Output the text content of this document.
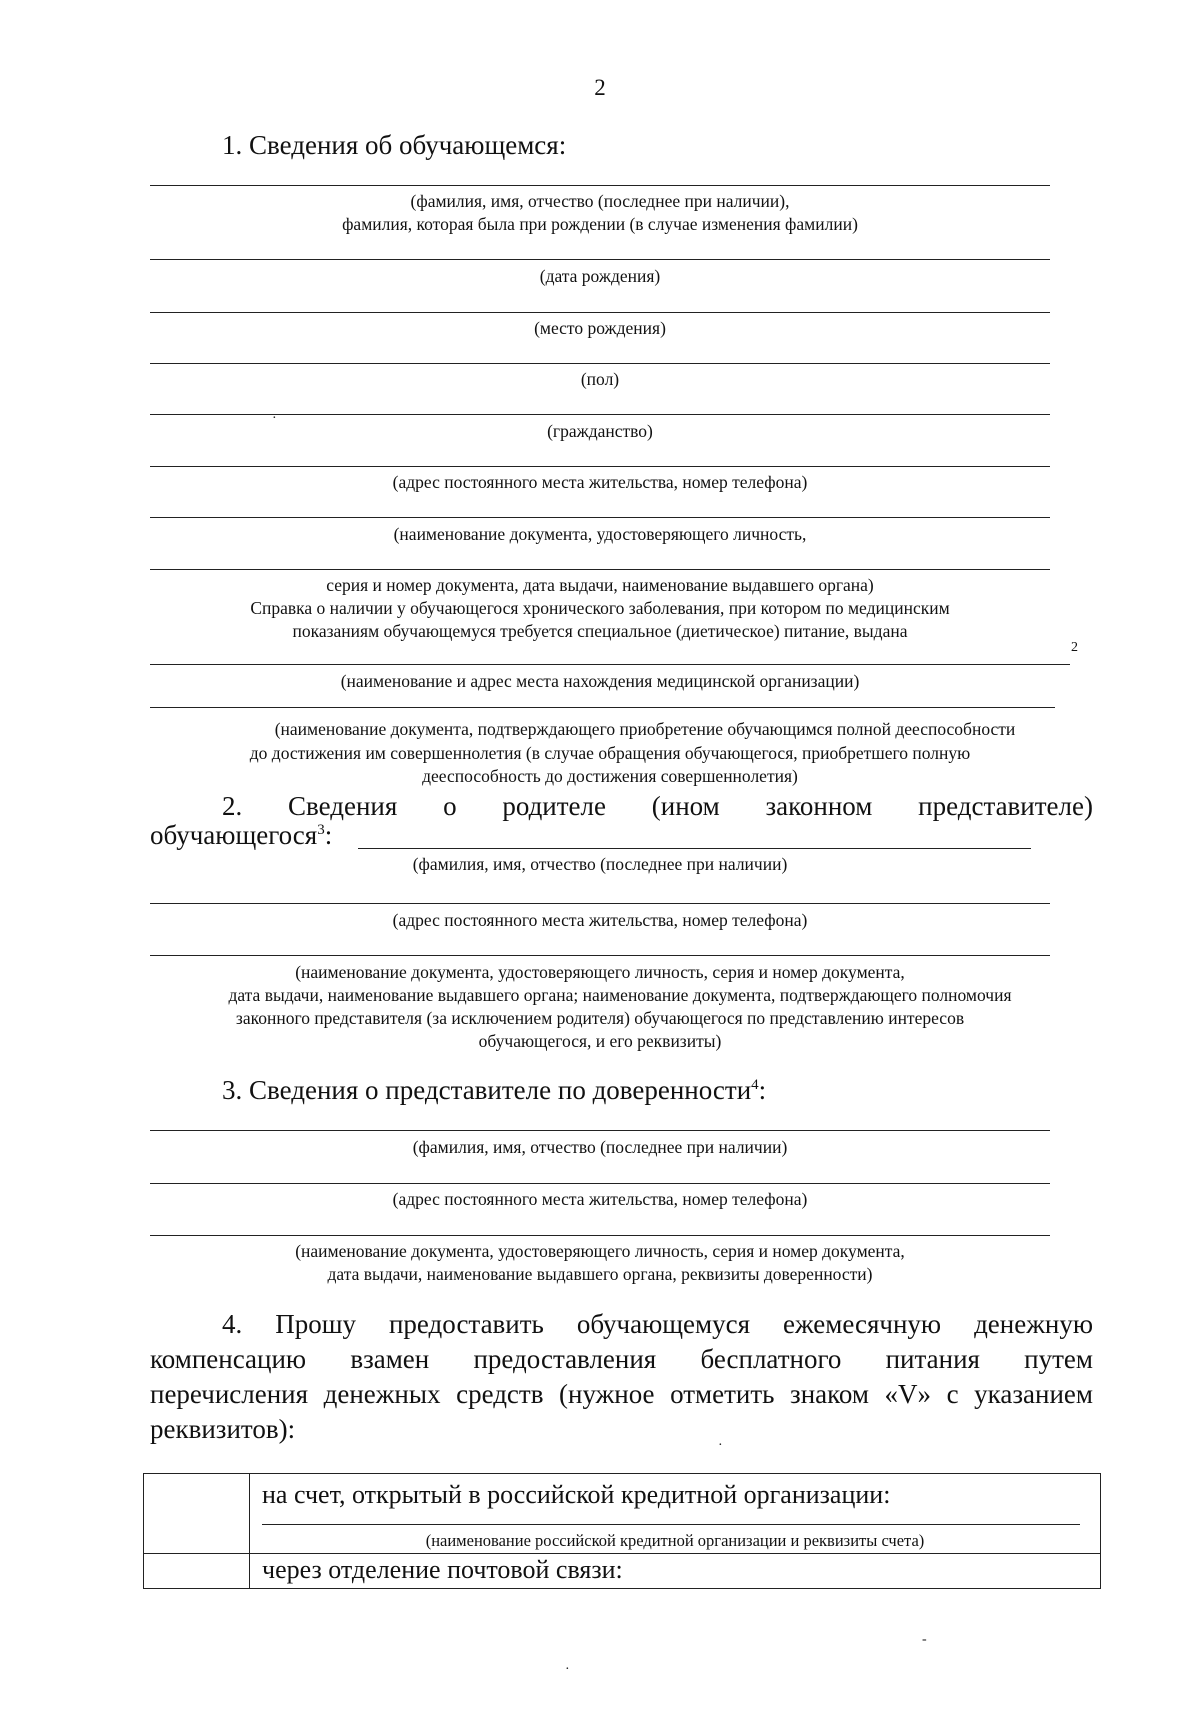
2
1. Сведения об обучающемся:
(фамилия, имя, отчество (последнее при наличии),
фамилия, которая была при рождении (в случае изменения фамилии)
(дата рождения)
(место рождения)
(пол)
·
(гражданство)
(адрес постоянного места жительства, номер телефона)
(наименование документа, удостоверяющего личность,
серия и номер документа, дата выдачи, наименование выдавшего органа)
Справка о наличии у обучающегося хронического заболевания, при котором по медицинским
показаниям обучающемуся требуется специальное (диетическое) питание, выдана
2
(наименование и адрес места нахождения медицинской организации)
(наименование документа, подтверждающего приобретение обучающимся полной дееспособности
до достижения им совершеннолетия (в случае обращения обучающегося, приобретшего полную
дееспособность до достижения совершеннолетия)
2. Сведения о родителе (ином законном представителе)
обучающегося$^3$:
(фамилия, имя, отчество (последнее при наличии)
(адрес постоянного места жительства, номер телефона)
(наименование документа, удостоверяющего личность, серия и номер документа,
дата выдачи, наименование выдавшего органа; наименование документа, подтверждающего полномочия
законного представителя (за исключением родителя) обучающегося по представлению интересов
обучающегося, и его реквизиты)
3. Сведения о представителе по доверенности$^4$:
(фамилия, имя, отчество (последнее при наличии)
(адрес постоянного места жительства, номер телефона)
(наименование документа, удостоверяющего личность, серия и номер документа,
дата выдачи, наименование выдавшего органа, реквизиты доверенности)
4. Прошу предоставить обучающемуся ежемесячную денежную
компенсацию взамен предоставления бесплатного питания путем
перечисления денежных средств (нужное отметить знаком «V» с указанием
реквизитов):
·

	на счет, открытый в российской кредитной организации:
(наименование российской кредитной организации и реквизиты счета)

	через отделение почтовой связи:
-
·
